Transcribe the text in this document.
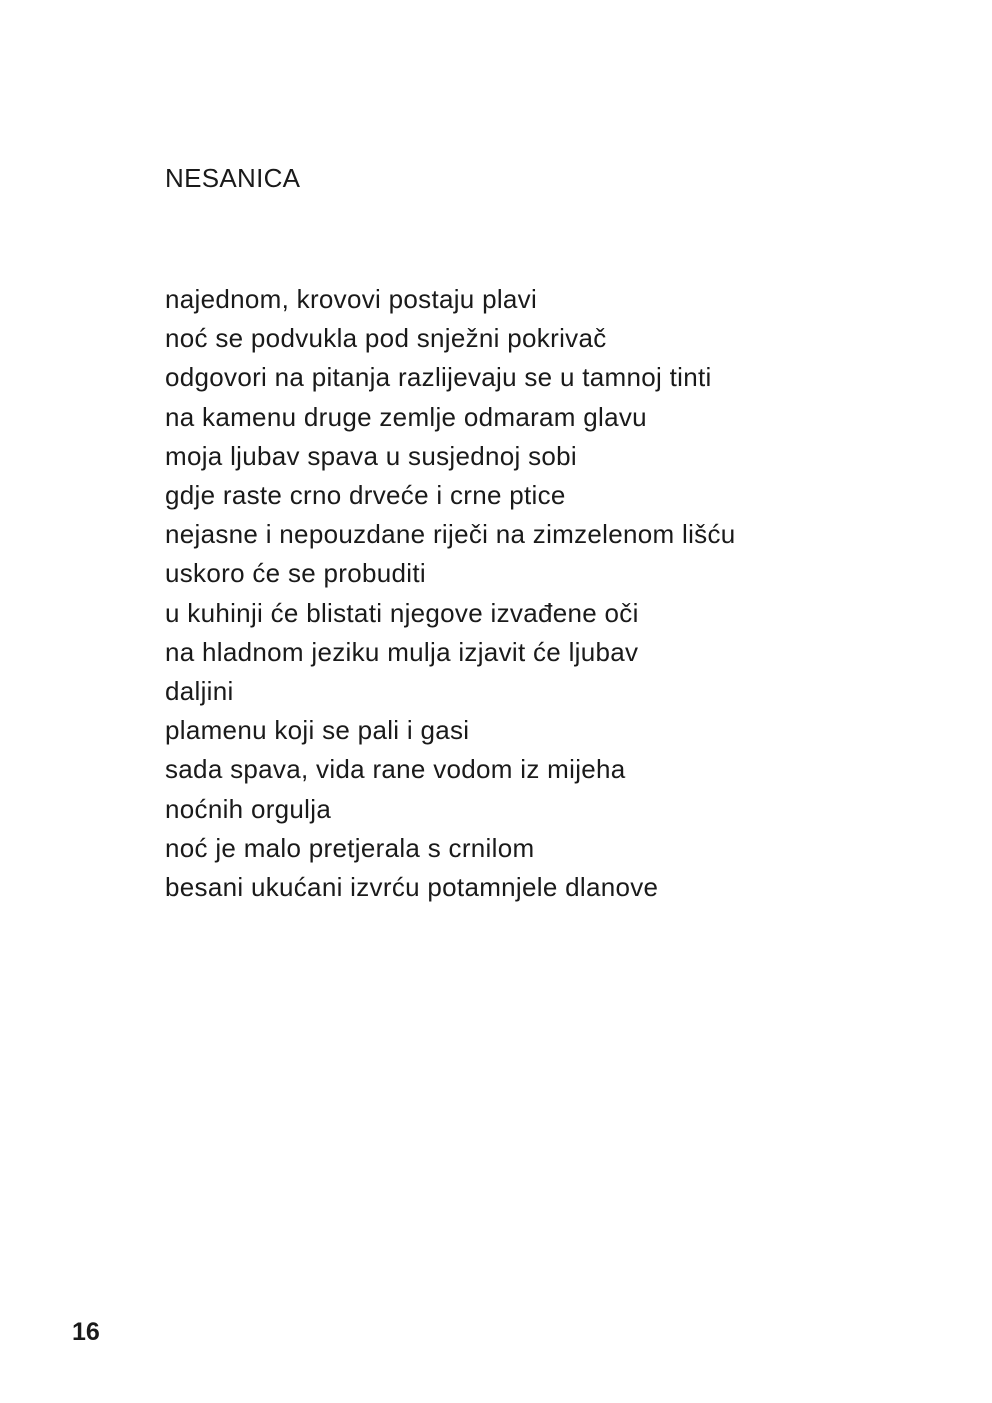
NESANICA
najednom, krovovi postaju plavi
noć se podvukla pod snježni pokrivač
odgovori na pitanja razlijevaju se u tamnoj tinti
na kamenu druge zemlje odmaram glavu
moja ljubav spava u susjednoj sobi
gdje raste crno drveće i crne ptice
nejasne i nepouzdane riječi na zimzelenom lišću
uskoro će se probuditi
u kuhinji će blistati njegove izvađene oči
na hladnom jeziku mulja izjavit će ljubav
daljini
plamenu koji se pali i gasi
sada spava, vida rane vodom iz mijeha
noćnih orgulja
noć je malo pretjerala s crnilom
besani ukućani izvrću potamnjele dlanove
16
